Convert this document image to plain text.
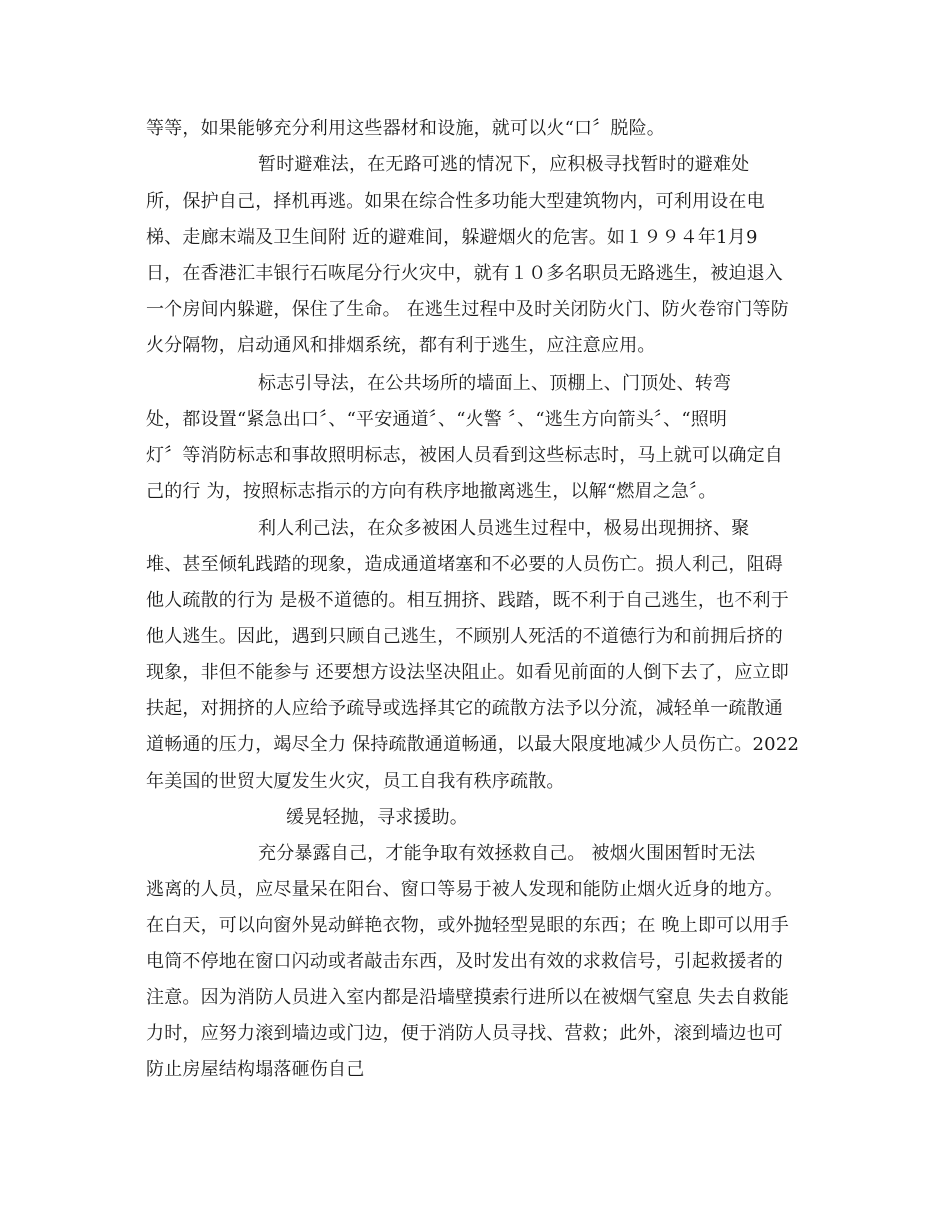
等等，如果能够充分利用这些器材和设施，就可以火“口〞脱险。
暂时避难法，在无路可逃的情况下，应积极寻找暂时的避难处
所，保护自己，择机再逃。如果在综合性多功能大型建筑物内，可利用设在电
梯、走廊末端及卫生间附 近的避难间，躲避烟火的危害。如１９９４年1月9
日，在香港汇丰银行石咴尾分行火灾中，就有１０多名职员无路逃生，被迫退入
一个房间内躲避，保住了生命。 在逃生过程中及时关闭防火门、防火卷帘门等防
火分隔物，启动通风和排烟系统，都有利于逃生，应注意应用。
标志引导法，在公共场所的墙面上、顶棚上、门顶处、转弯
处，都设置“紧急出口〞、“平安通道〞、“火警 〞、“逃生方向箭头〞、“照明
灯〞等消防标志和事故照明标志，被困人员看到这些标志时，马上就可以确定自
己的行 为，按照标志指示的方向有秩序地撤离逃生，以解“燃眉之急〞。
利人利己法，在众多被困人员逃生过程中，极易出现拥挤、聚
堆、甚至倾轧践踏的现象，造成通道堵塞和不必要的人员伤亡。损人利己，阻碍
他人疏散的行为 是极不道德的。相互拥挤、践踏，既不利于自己逃生，也不利于
他人逃生。因此，遇到只顾自己逃生，不顾别人死活的不道德行为和前拥后挤的
现象，非但不能参与 还要想方设法坚决阻止。如看见前面的人倒下去了，应立即
扶起，对拥挤的人应给予疏导或选择其它的疏散方法予以分流，减轻单一疏散通
道畅通的压力，竭尽全力 保持疏散通道畅通，以最大限度地减少人员伤亡。2022
年美国的世贸大厦发生火灾，员工自我有秩序疏散。
缓晃轻抛，寻求援助。
充分暴露自己，才能争取有效拯救自己。 被烟火围困暂时无法
逃离的人员，应尽量呆在阳台、窗口等易于被人发现和能防止烟火近身的地方。
在白天，可以向窗外晃动鲜艳衣物，或外抛轻型晃眼的东西；在 晚上即可以用手
电筒不停地在窗口闪动或者敲击东西，及时发出有效的求救信号，引起救援者的
注意。因为消防人员进入室内都是沿墙壁摸索行进所以在被烟气窒息 失去自救能
力时，应努力滚到墙边或门边，便于消防人员寻找、营救；此外，滚到墙边也可
防止房屋结构塌落砸伤自己
